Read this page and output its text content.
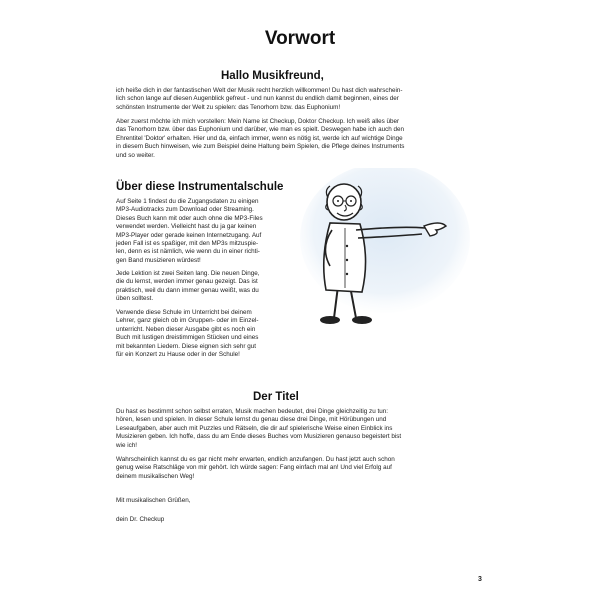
Vorwort
Hallo Musikfreund,
ich heiße dich in der fantastischen Welt der Musik recht herzlich willkommen! Du hast dich wahrschein-
lich schon lange auf diesen Augenblick gefreut - und nun kannst du endlich damit beginnen, eines der
schönsten Instrumente der Welt zu spielen: das Tenorhorn bzw. das Euphonium!
Aber zuerst möchte ich mich vorstellen: Mein Name ist Checkup, Doktor Checkup. Ich weiß alles über
das Tenorhorn bzw. über das Euphonium und darüber, wie man es spielt. Deswegen habe ich auch den
Ehrentitel 'Doktor' erhalten. Hier und da, einfach immer, wenn es nötig ist, werde ich auf wichtige Dinge
in diesem Buch hinweisen, wie zum Beispiel deine Haltung beim Spielen, die Pflege deines Instruments
und so weiter.
Über diese Instrumentalschule
Auf Seite 1 findest du die Zugangsdaten zu einigen
MP3-Audiotracks zum Download oder Streaming.
Dieses Buch kann mit oder auch ohne die MP3-Files
verwendet werden. Vielleicht hast du ja gar keinen
MP3-Player oder gerade keinen Internetzugang. Auf
jeden Fall ist es spaßiger, mit den MP3s mitzuspie-
len, denn es ist nämlich, wie wenn du in einer richti-
gen Band musizieren würdest!
Jede Lektion ist zwei Seiten lang. Die neuen Dinge,
die du lernst, werden immer genau gezeigt. Das ist
praktisch, weil du dann immer genau weißt, was du
üben solltest.
Verwende diese Schule im Unterricht bei deinem
Lehrer, ganz gleich ob im Gruppen- oder im Einzel-
unterricht. Neben dieser Ausgabe gibt es noch ein
Buch mit lustigen dreistimmigen Stücken und eines
mit bekannten Liedern. Diese eignen sich sehr gut
für ein Konzert zu Hause oder in der Schule!
Der Titel
Du hast es bestimmt schon selbst erraten, Musik machen bedeutet, drei Dinge gleichzeitig zu tun:
hören, lesen und spielen. In dieser Schule lernst du genau diese drei Dinge, mit Hörübungen und
Leseaufgaben, aber auch mit Puzzles und Rätseln, die dir auf spielerische Weise einen Einblick ins
Musizieren geben. Ich hoffe, dass du am Ende dieses Buches vom Musizieren genauso begeistert bist
wie ich!
Wahrscheinlich kannst du es gar nicht mehr erwarten, endlich anzufangen. Du hast jetzt auch schon
genug weise Ratschläge von mir gehört. Ich würde sagen: Fang einfach mal an! Und viel Erfolg auf
deinem musikalischen Weg!
Mit musikalischen Grüßen,
dein Dr. Checkup
3
